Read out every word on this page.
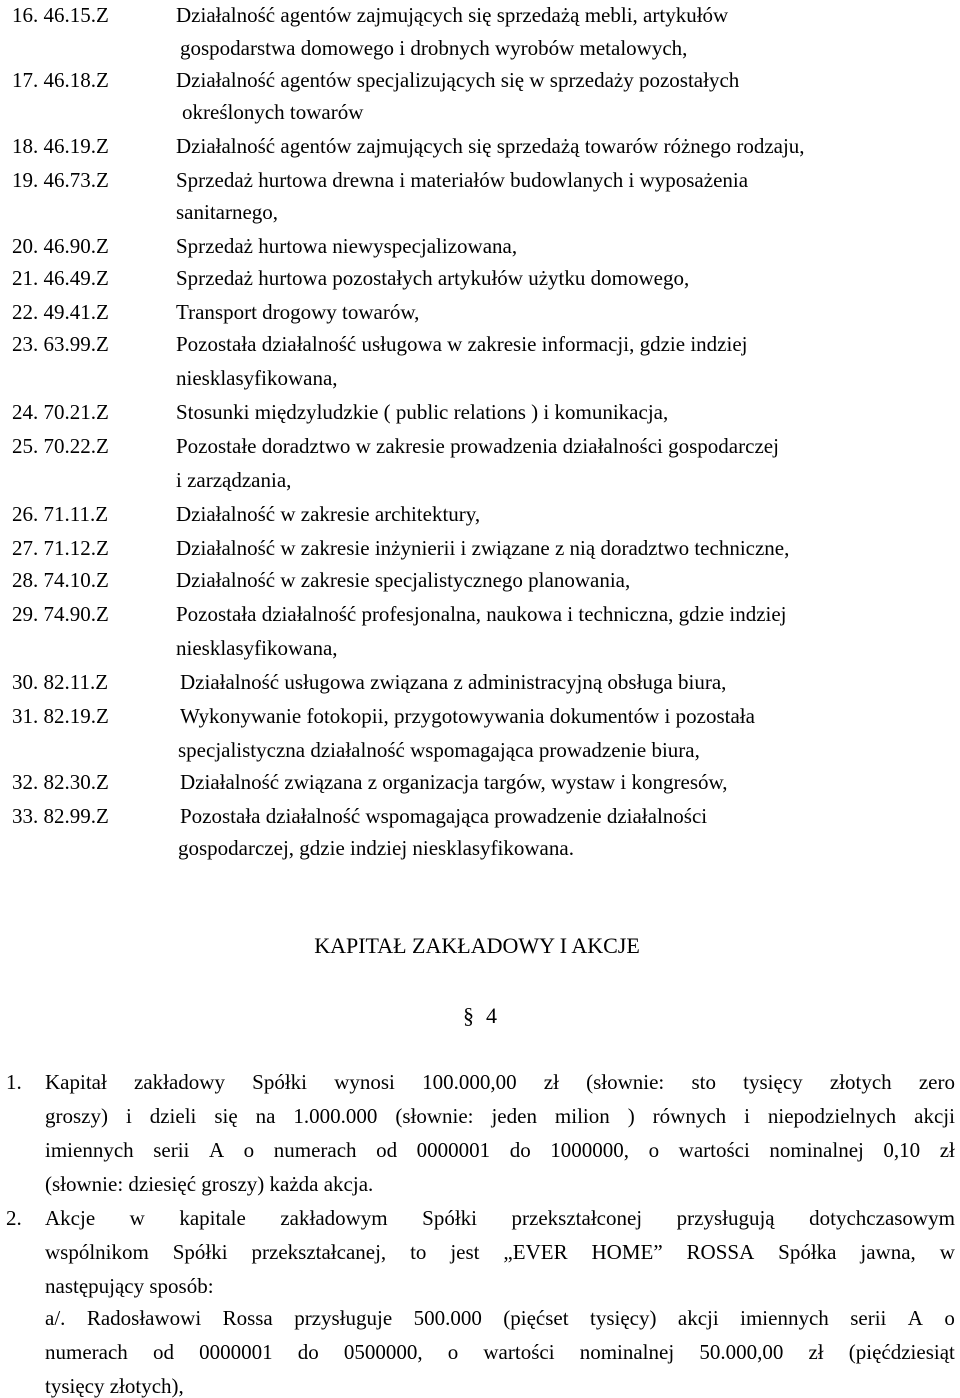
16. 46.15.Z	Działalność agentów zajmujących się sprzedażą mebli, artykułów
gospodarstwa domowego i drobnych wyrobów metalowych,
17. 46.18.Z	Działalność agentów specjalizujących się w sprzedaży pozostałych
określonych towarów
18. 46.19.Z	Działalność agentów zajmujących się sprzedażą towarów różnego rodzaju,
19. 46.73.Z	Sprzedaż hurtowa drewna i materiałów budowlanych i wyposażenia
sanitarnego,
20. 46.90.Z	Sprzedaż hurtowa niewyspecjalizowana,
21. 46.49.Z	Sprzedaż hurtowa pozostałych artykułów użytku domowego,
22. 49.41.Z	Transport drogowy towarów,
23. 63.99.Z	Pozostała działalność usługowa w zakresie informacji, gdzie indziej
niesklasyfikowana,
24. 70.21.Z	Stosunki międzyludzkie ( public relations ) i komunikacja,
25. 70.22.Z	Pozostałe doradztwo w zakresie prowadzenia działalności gospodarczej
i zarządzania,
26. 71.11.Z	Działalność w zakresie architektury,
27. 71.12.Z	Działalność w zakresie inżynierii i związane z nią doradztwo techniczne,
28. 74.10.Z	Działalność w zakresie specjalistycznego planowania,
29. 74.90.Z	Pozostała działalność profesjonalna, naukowa i techniczna, gdzie indziej
niesklasyfikowana,
30. 82.11.Z	Działalność usługowa związana z administracyjną obsługa biura,
31. 82.19.Z	Wykonywanie fotokopii, przygotowywania dokumentów i pozostała
specjalistyczna działalność wspomagająca prowadzenie biura,
32. 82.30.Z	Działalność związana z organizacja targów, wystaw i kongresów,
33. 82.99.Z	Pozostała działalność wspomagająca prowadzenie działalności
gospodarczej, gdzie indziej niesklasyfikowana.
KAPITAŁ ZAKŁADOWY I AKCJE
§ 4
1. Kapitał zakładowy Spółki wynosi 100.000,00 zł (słownie: sto tysięcy złotych zero
groszy) i dzieli się na 1.000.000 (słownie: jeden milion ) równych i niepodzielnych akcji
imiennych serii A o numerach od 0000001 do 1000000, o wartości nominalnej 0,10 zł
(słownie: dziesięć groszy) każda akcja.
2. Akcje w kapitale zakładowym Spółki przekształconej przysługują dotychczasowym
wspólnikom Spółki przekształcanej, to jest „EVER HOME” ROSSA Spółka jawna, w
następujący sposób:
a/. Radosławowi Rossa przysługuje 500.000 (pięćset tysięcy) akcji imiennych serii A o
numerach od 0000001 do 0500000, o wartości nominalnej 50.000,00 zł (pięćdziesiąt
tysięcy złotych),
